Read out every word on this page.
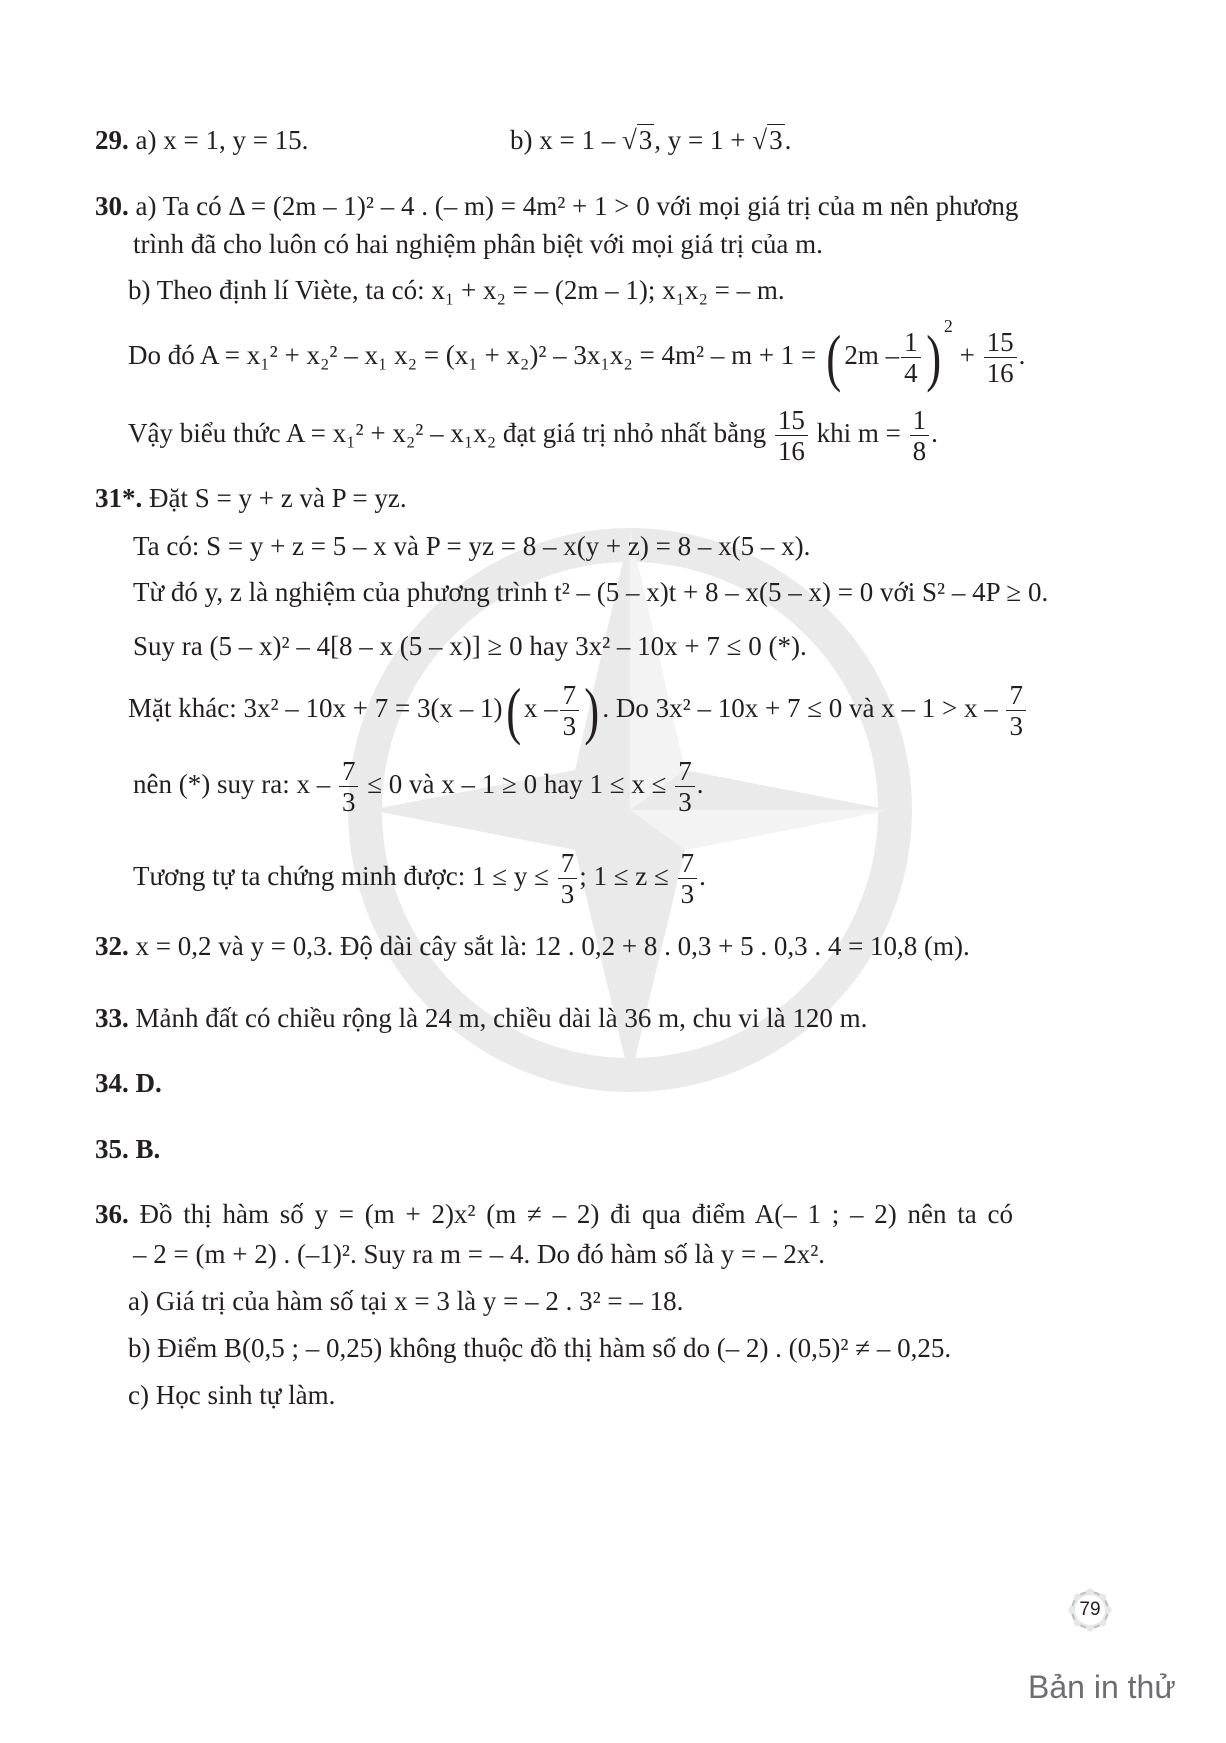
29. a) x = 1, y = 15.	b) x = 1 – √3, y = 1 + √3.
30. a) Ta có Δ = (2m – 1)² – 4 . (– m) = 4m² + 1 > 0 với mọi giá trị của m nên phương
trình đã cho luôn có hai nghiệm phân biệt với mọi giá trị của m.
b) Theo định lí Viète, ta có: x₁ + x₂ = – (2m – 1); x₁x₂ = – m.
Do đó A = x₁² + x₂² – x₁ x₂ = (x₁ + x₂)² – 3x₁x₂ = 4m² – m + 1 = ( $2m - \frac{1}{4}$ ) $^2 + \frac{15}{16}$ .
Vậy biểu thức A = x₁² + x₂² – x₁x₂ đạt giá trị nhỏ nhất bằng $\frac{15}{16}$ khi $m = \frac{1}{8}$ .
31*. Đặt S = y + z và P = yz.
Ta có: S = y + z = 5 – x và P = yz = 8 – x(y + z) = 8 – x(5 – x).
Từ đó y, z là nghiệm của phương trình t² – (5 – x)t + 8 – x(5 – x) = 0 với S² – 4P ≥ 0.
Suy ra (5 – x)² – 4[8 – x (5 – x)] ≥ 0 hay 3x² – 10x + 7 ≤ 0 (*).
Mặt khác: 3x² – 10x + 7 = 3(x – 1)( x – $\frac{7}{3}$ ) . Do 3x² – 10x + 7 ≤ 0 và $x - 1 > x - \frac{7}{3}$
nên (*) suy ra: $x - \frac{7}{3} \le 0$ và x – 1 ≥ 0 hay $1 \le x \le \frac{7}{3}$ .
Tương tự ta chứng minh được: $1 \le y \le \frac{7}{3}$ ; $1 \le z \le \frac{7}{3}$ .
32. x = 0,2 và y = 0,3. Độ dài cây sắt là: 12 . 0,2 + 8 . 0,3 + 5 . 0,3 . 4 = 10,8 (m).
33. Mảnh đất có chiều rộng là 24 m, chiều dài là 36 m, chu vi là 120 m.
34. D.
35. B.
36. Đồ thị hàm số y = (m + 2)x² (m ≠ – 2) đi qua điểm A(– 1 ; – 2) nên ta có
– 2 = (m + 2) . (–1)². Suy ra m = – 4. Do đó hàm số là y = – 2x².
a) Giá trị của hàm số tại x = 3 là y = – 2 . 3² = – 18.
b) Điểm B(0,5 ; – 0,25) không thuộc đồ thị hàm số do (– 2) . (0,5)² ≠ – 0,25.
c) Học sinh tự làm.
79
Bản in thử
